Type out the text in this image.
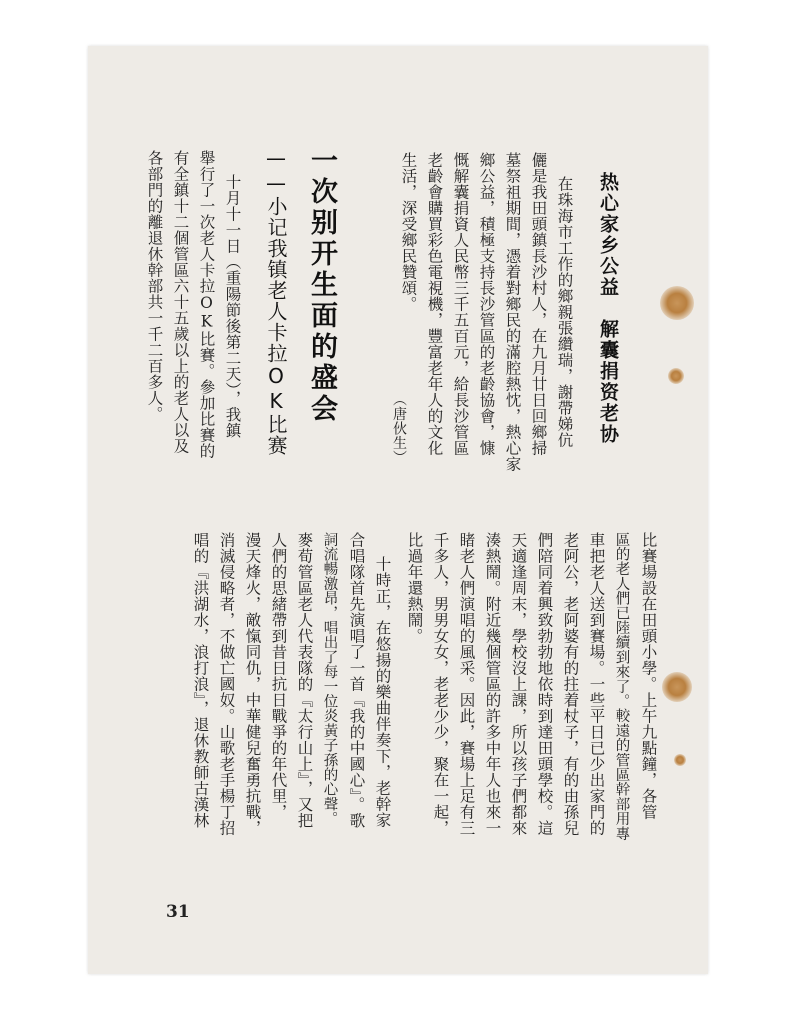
热心家乡公益　解囊捐资老协
在珠海市工作的鄉親張纘瑞，謝帶娣伉
儷是我田頭鎮長沙村人，在九月廿日回鄉掃
墓祭祖期間，憑着對鄉民的滿腔熱忱，熱心家
鄉公益，積極支持長沙管區的老齡協會，慷
慨解囊捐資人民幣三千五百元，給長沙管區
老齡會購買彩色電視機，豐富老年人的文化
生活，深受鄉民贊頌。
（唐伙生）
一次别开生面的盛会
——小记我镇老人卡拉OK比赛
十月十一日（重陽節後第二天），我鎮
舉行了一次老人卡拉OK比賽。參加比賽的
有全鎮十二個管區六十五歲以上的老人以及
各部門的離退休幹部共一千二百多人。
比賽場設在田頭小學。上午九點鐘，各管
區的老人們已陸續到來了。較遠的管區幹部用專
車把老人送到賽場。一些平日已少出家門的
老阿公，老阿婆有的拄着杖子，有的由孫兒
們陪同着興致勃勃地依時到達田頭學校。這
天適逢周末，學校沒上課，所以孩子們都來
湊熱鬧。附近幾個管區的許多中年人也來一
睹老人們演唱的風采。因此，賽場上足有三
千多人，男男女女，老老少少，聚在一起，
比過年還熱鬧。
十時正，在悠揚的樂曲伴奏下，老幹家
合唱隊首先演唱了一首『我的中國心』。歌
詞流暢激昂，唱出了每一位炎黃子孫的心聲。
麥荀管區老人代表隊的『太行山上』，又把
人們的思緒帶到昔日抗日戰爭的年代里，
漫天烽火，敵愾同仇，中華健兒奮勇抗戰，
消滅侵略者，不做亡國奴。山歌老手楊丁招
唱的『洪湖水，浪打浪』，退休教師古漢林
31
